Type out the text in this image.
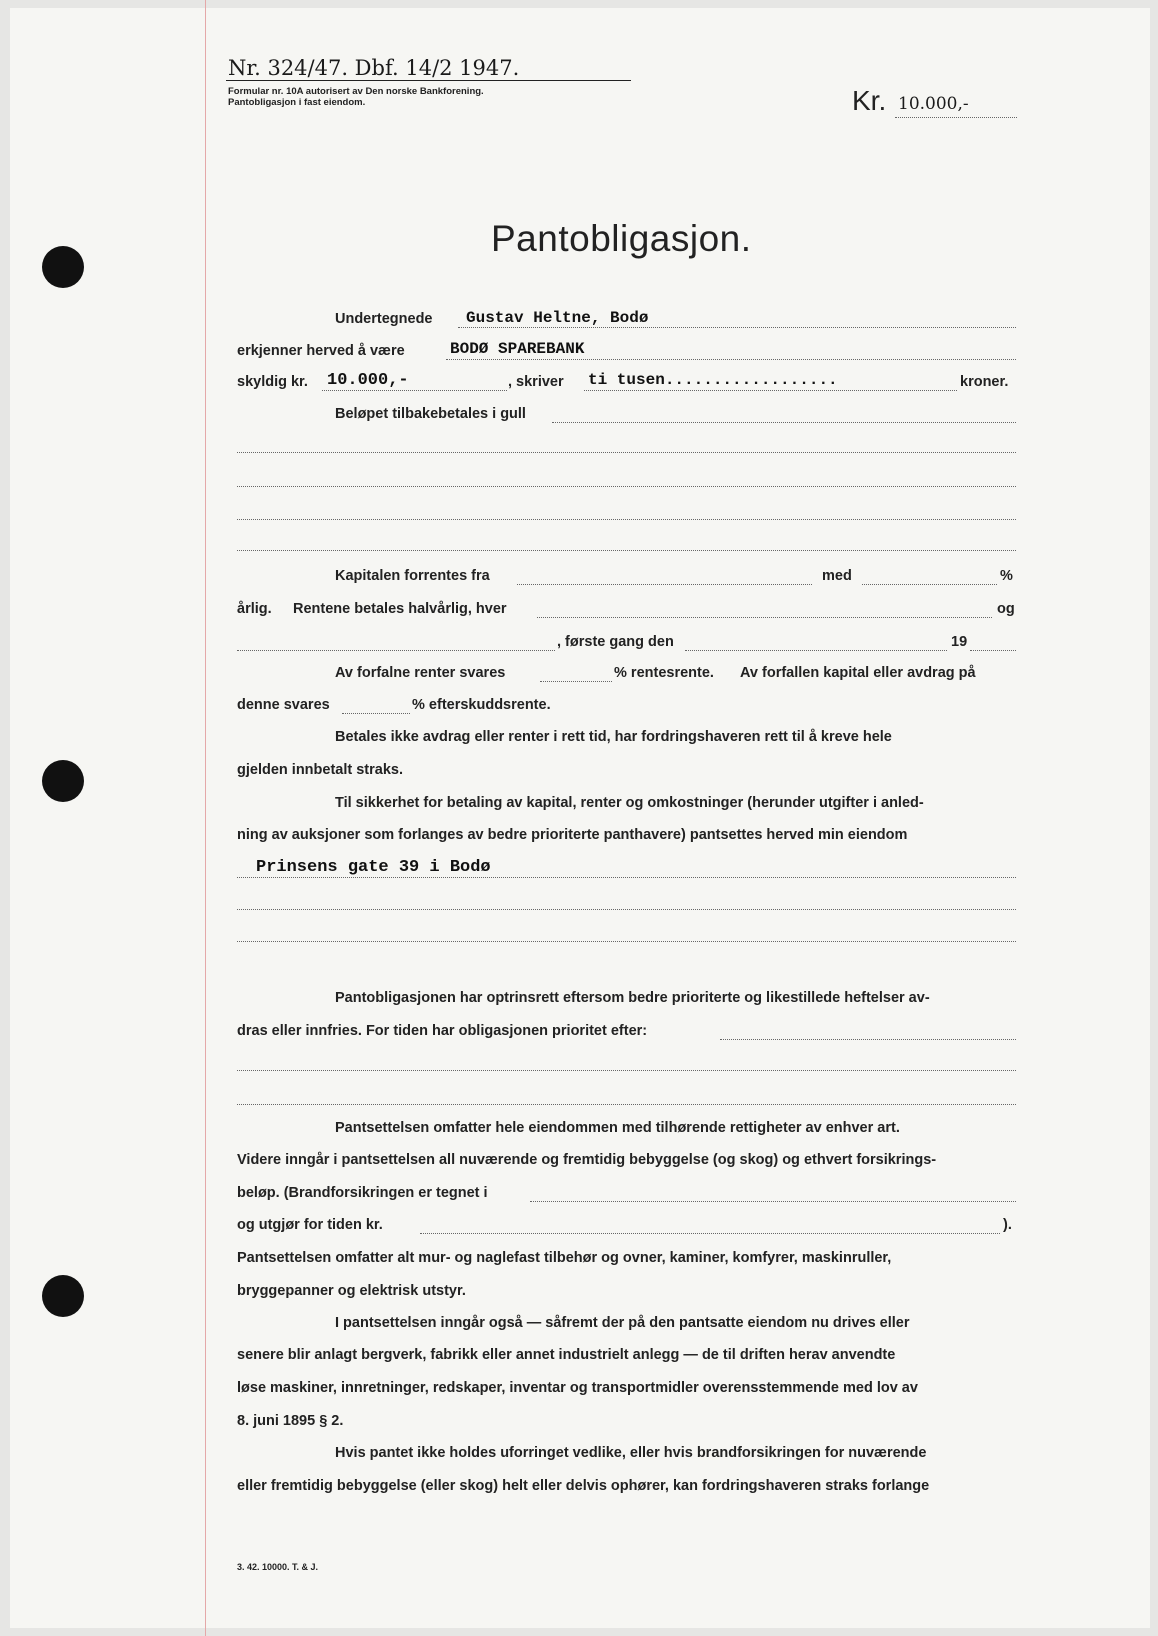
Nr. 324/47. Dbf. 14/2 1947.
Formular nr. 10A autorisert av Den norske Bankforening.
Pantobligasjon i fast eiendom.	Kr. 10.000,-
Pantobligasjon.
Undertegnede Gustav Heltne, Bodø
erkjenner herved å være	BODØ SPAREBANK
skyldig kr. 10.000,-	, skriver ti tusen..................	kroner.
Beløpet tilbakebetales i gull
Kapitalen forrentes fra	med	%
årlig. Rentene betales halvårlig, hver	og
, første gang den	19
Av forfalne renter svares	% rentesrente. Av forfallen kapital eller avdrag på
denne svares	% efterskuddsrente.
Betales ikke avdrag eller renter i rett tid, har fordringshaveren rett til å kreve hele
gjelden innbetalt straks.
Til sikkerhet for betaling av kapital, renter og omkostninger (herunder utgifter i anled-
ning av auksjoner som forlanges av bedre prioriterte panthavere) pantsettes herved min eiendom
Prinsens gate 39 i Bodø
Pantobligasjonen har optrinsrett eftersom bedre prioriterte og likestillede heftelser av-
dras eller innfries. For tiden har obligasjonen prioritet efter:
Pantsettelsen omfatter hele eiendommen med tilhørende rettigheter av enhver art.
Videre inngår i pantsettelsen all nuværende og fremtidig bebyggelse (og skog) og ethvert forsikrings-
beløp. (Brandforsikringen er tegnet i
og utgjør for tiden kr.	).
Pantsettelsen omfatter alt mur- og naglefast tilbehør og ovner, kaminer, komfyrer, maskinruller,
bryggepanner og elektrisk utstyr.
I pantsettelsen inngår også — såfremt der på den pantsatte eiendom nu drives eller
senere blir anlagt bergverk, fabrikk eller annet industrielt anlegg — de til driften herav anvendte
løse maskiner, innretninger, redskaper, inventar og transportmidler overensstemmende med lov av
8. juni 1895 § 2.
Hvis pantet ikke holdes uforringet vedlike, eller hvis brandforsikringen for nuværende
eller fremtidig bebyggelse (eller skog) helt eller delvis ophører, kan fordringshaveren straks forlange
3. 42. 10000. T. & J.
